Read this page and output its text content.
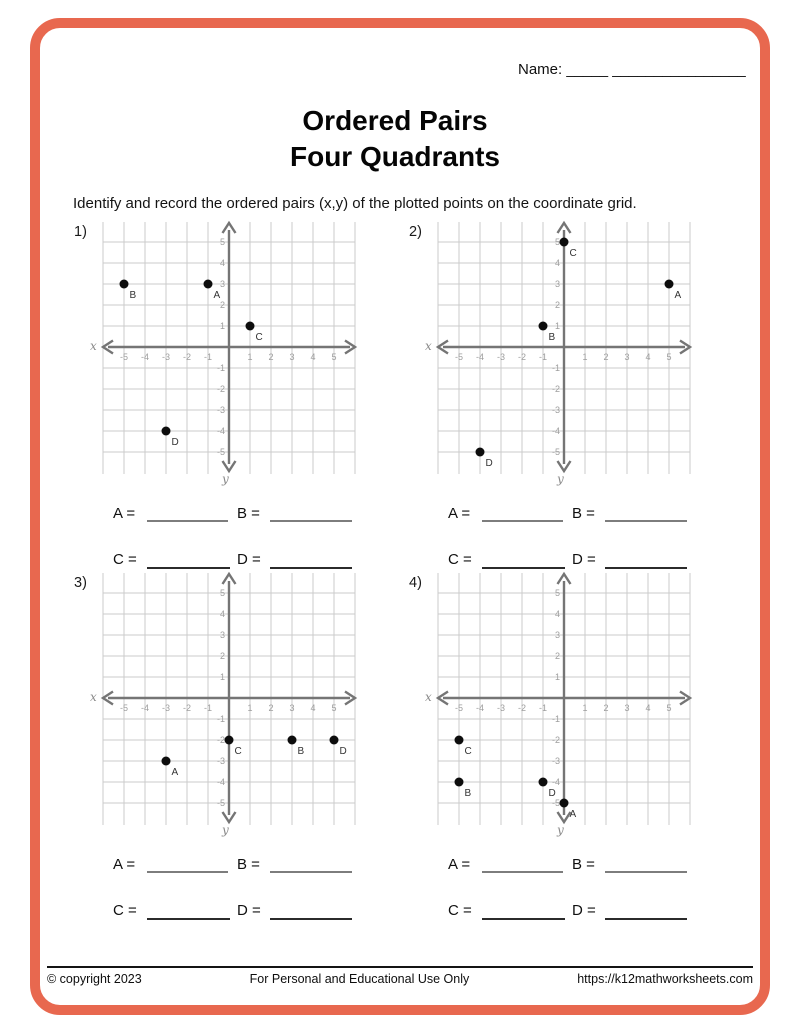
Name: _____ ________________
Ordered Pairs
Four Quadrants
Identify and record the ordered pairs (x,y) of the plotted points on the coordinate grid.
1)
-5 -4 -3 -2 -1	1 2 3 4 5
5
4
3
2
1
-1
-2
-3
-4
-5
x
y
A
B
C
D
2)
-5 -4 -3 -2 -1	1 2 3 4 5
5
4
3
2
1
-1
-2
-3
-4
-5
x
y
A
B
C
D
3)
-5 -4 -3 -2 -1	1 2 3 4 5
5
4
3
2
1
-1
-2
-3
-4
-5
x
y
A
B
C	D
4)
-5 -4 -3 -2 -1	1 2 3 4 5
5
4
3
2
1
-1
-2
-3
-4
-5
x
y
A
B
C
D
A =	B =
C =	D =
A =	B =
C =	D =
A =	B =
C =	D =
A =	B =
C =	D =
© copyright 2023	For Personal and Educational Use Only	https://k12mathworksheets.com
